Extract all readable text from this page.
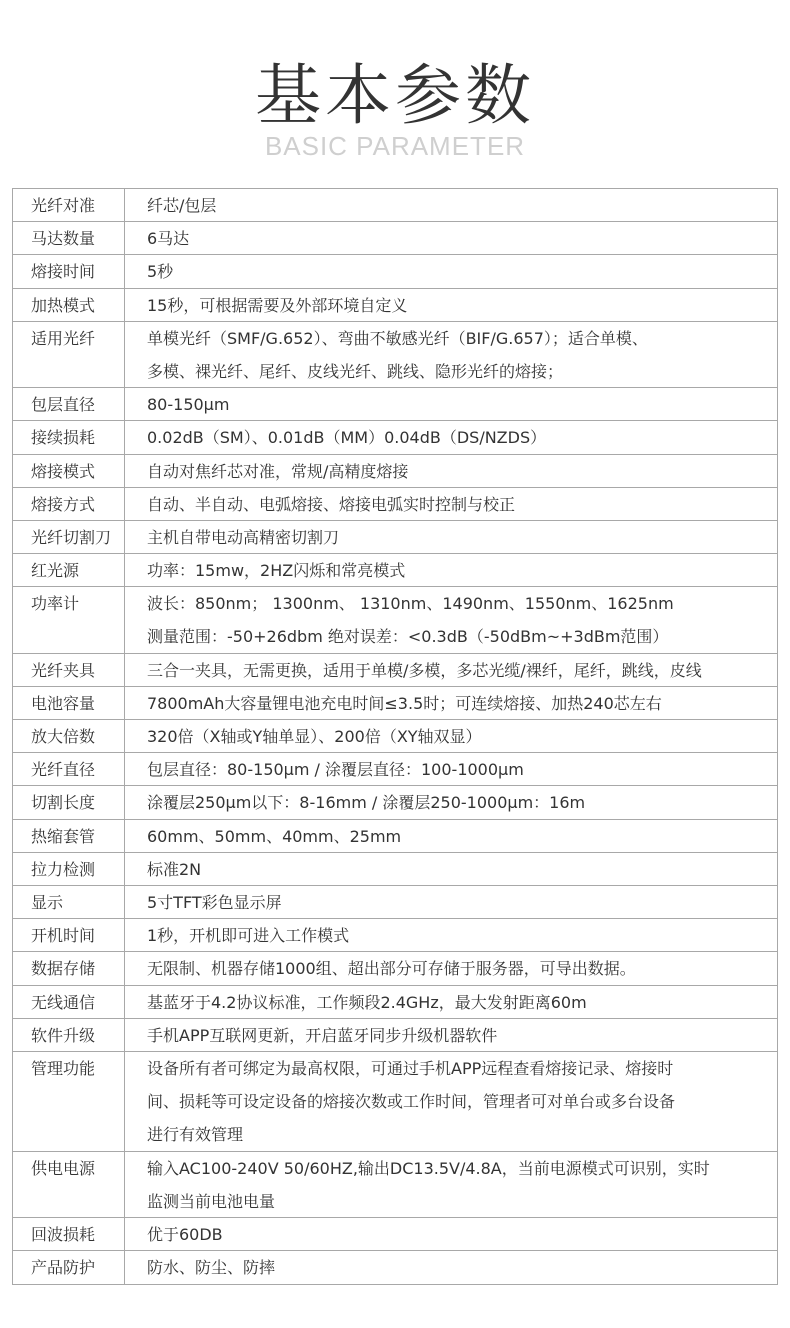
基本参数
BASIC PARAMETER
光纤对准	纤芯/包层
马达数量	6马达
熔接时间	5秒
加热模式	15秒，可根据需要及外部环境自定义
适用光纤	单模光纤（SMF/G.652）、弯曲不敏感光纤（BIF/G.657）；适合单模、
多模、裸光纤、尾纤、皮线光纤、跳线、隐形光纤的熔接；
包层直径	80-150μm
接续损耗	0.02dB（SM）、0.01dB（MM）0.04dB（DS/NZDS）
熔接模式	自动对焦纤芯对准，常规/高精度熔接
熔接方式	自动、半自动、电弧熔接、熔接电弧实时控制与校正
光纤切割刀	主机自带电动高精密切割刀
红光源	功率：15mw，2HZ闪烁和常亮模式
功率计	波长：850nm； 1300nm、 1310nm、1490nm、1550nm、1625nm
测量范围：-50+26dbm 绝对误差：<0.3dB（-50dBm~+3dBm范围）
光纤夹具	三合一夹具，无需更换，适用于单模/多模，多芯光缆/裸纤，尾纤，跳线，皮线
电池容量	7800mAh大容量锂电池充电时间≤3.5时；可连续熔接、加热240芯左右
放大倍数	320倍（X轴或Y轴单显）、200倍（XY轴双显）
光纤直径	包层直径：80-150μm / 涂覆层直径：100-1000μm
切割长度	涂覆层250μm以下：8-16mm / 涂覆层250-1000μm：16m
热缩套管	60mm、50mm、40mm、25mm
拉力检测	标准2N
显示	5寸TFT彩色显示屏
开机时间	1秒，开机即可进入工作模式
数据存储	无限制、机器存储1000组、超出部分可存储于服务器，可导出数据。
无线通信	基蓝牙于4.2协议标准，工作频段2.4GHz，最大发射距离60m
软件升级	手机APP互联网更新，开启蓝牙同步升级机器软件
管理功能	设备所有者可绑定为最高权限，可通过手机APP远程查看熔接记录、熔接时
间、损耗等可设定设备的熔接次数或工作时间，管理者可对单台或多台设备
进行有效管理
供电电源	输入AC100-240V 50/60HZ,输出DC13.5V/4.8A，当前电源模式可识别，实时
监测当前电池电量
回波损耗	优于60DB
产品防护	防水、防尘、防摔
